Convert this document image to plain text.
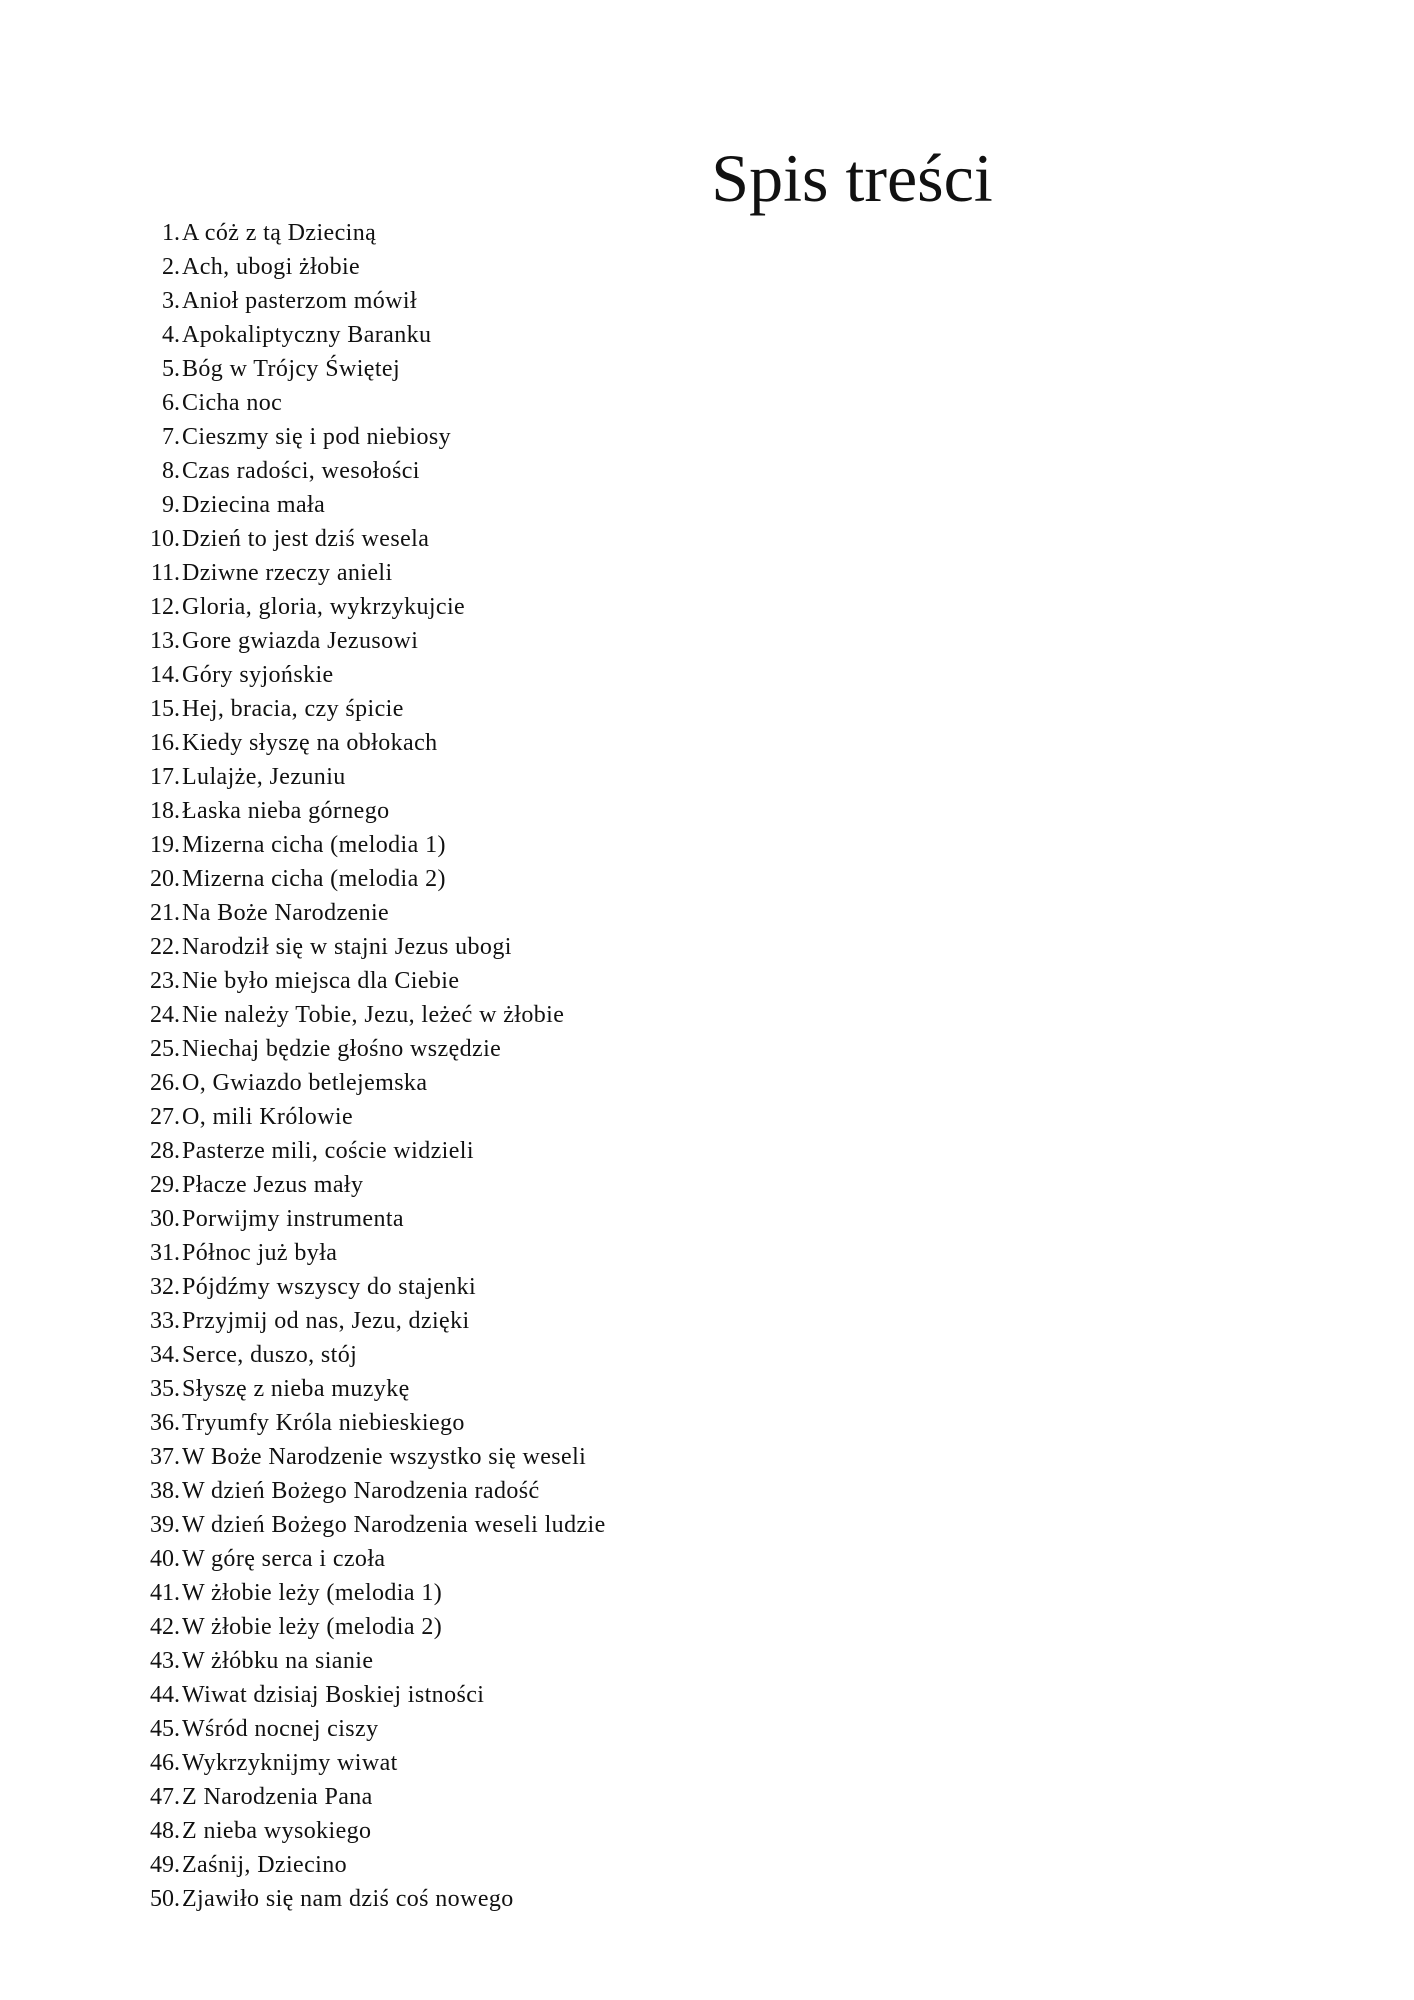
Spis treści
1. A cóż z tą Dzieciną
2. Ach, ubogi żłobie
3. Anioł pasterzom mówił
4. Apokaliptyczny Baranku
5. Bóg w Trójcy Świętej
6. Cicha noc
7. Cieszmy się i pod niebiosy
8. Czas radości, wesołości
9. Dziecina mała
10. Dzień to jest dziś wesela
11. Dziwne rzeczy anieli
12. Gloria, gloria, wykrzykujcie
13. Gore gwiazda Jezusowi
14. Góry syjońskie
15. Hej, bracia, czy śpicie
16. Kiedy słyszę na obłokach
17. Lulajże, Jezuniu
18. Łaska nieba górnego
19. Mizerna cicha (melodia 1)
20. Mizerna cicha (melodia 2)
21. Na Boże Narodzenie
22. Narodził się w stajni Jezus ubogi
23. Nie było miejsca dla Ciebie
24. Nie należy Tobie, Jezu, leżeć w żłobie
25. Niechaj będzie głośno wszędzie
26. O, Gwiazdo betlejemska
27. O, mili Królowie
28. Pasterze mili, coście widzieli
29. Płacze Jezus mały
30. Porwijmy instrumenta
31. Północ już była
32. Pójdźmy wszyscy do stajenki
33. Przyjmij od nas, Jezu, dzięki
34. Serce, duszo, stój
35. Słyszę z nieba muzykę
36. Tryumfy Króla niebieskiego
37. W Boże Narodzenie wszystko się weseli
38. W dzień Bożego Narodzenia radość
39. W dzień Bożego Narodzenia weseli ludzie
40. W górę serca i czoła
41. W żłobie leży (melodia 1)
42. W żłobie leży (melodia 2)
43. W żłóbku na sianie
44. Wiwat dzisiaj Boskiej istności
45. Wśród nocnej ciszy
46. Wykrzyknijmy wiwat
47. Z Narodzenia Pana
48. Z nieba wysokiego
49. Zaśnij, Dziecino
50. Zjawiło się nam dziś coś nowego
